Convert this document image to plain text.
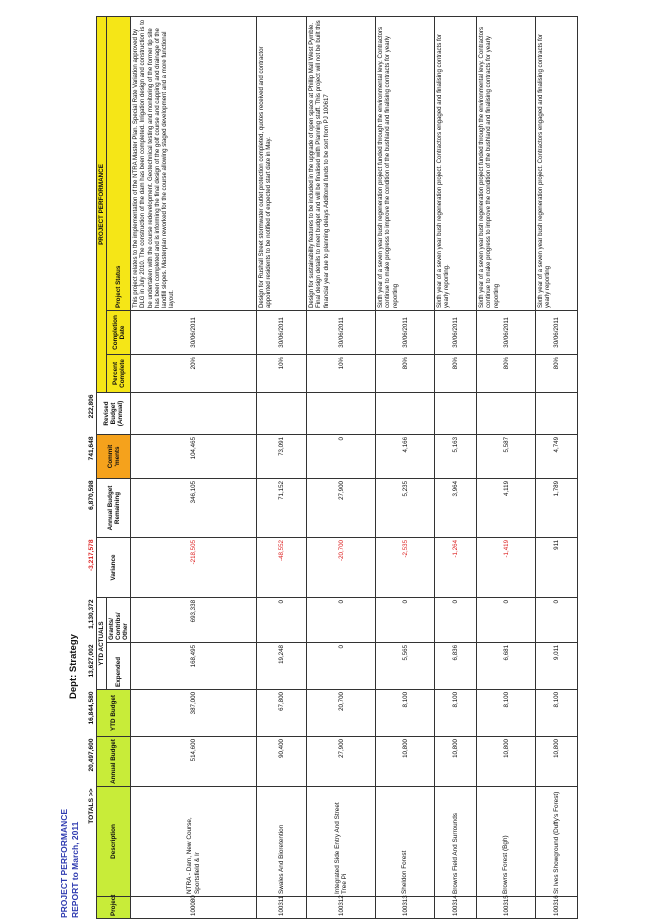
PROJECT PERFORMANCE REPORT to March, 2011
Dept: Strategy
TOTALS >>		20,497,600	16,844,580	13,627,002	1,130,372	-3,217,578	6,870,598	741,648	222,806			
Project	Description	Annual Budget	YTD Budget	YTD ACTUALS		Variance	Annual Budget Remaining	Commit 'ments	Revised Budget (Annual)	PROJECT PERFORMANCE		
				Expended	Grants/ Contribs/ Other					Percent Complete	Completion Date	Project Status
100080	NTRA - Dam, New Course, Sportsfield & Ir	514,600	387,000	168,495	693,338	-218,505	346,105	104,465		20%	30/06/2011	This project relates to the implementation of the NTRA Master Plan. Special Rate Variation approved by DLG in July 2010. The construction of the dam has been completed. Irrigation design and construction is to be undertaken with the course redevelopment. Geotechnical testing and monitoring of the former tip site has been completed and is informing the final design of the golf course and capping and drainage of the landfill slopes. Masterplan reworked for the course allowing staged development and a more functional layout.
100311	Swales And Bioretention	90,400	67,800	19,248	0	-48,552	71,152	73,091		10%	30/06/2011	Design for Rushall Street stormwater outlet protection completed, quotes received and contractor appointed residents to be notified of expected start date in May.
100312	Integrated Side Entry And Street Tree Pi	27,900	20,700	0	0	-20,700	27,900	0		10%	30/06/2011	Design for sustainability features to be included in the upgrade of open space at Phillip Mall West Pymble. Final design details to meet budget and will be finalised with Planning staff. This project will not be built this financial year due to planning delays Additonal funds to be sort from PJ 100617
100313	Sheldon Forest	10,800	8,100	5,565	0	-2,535	5,235	4,166		80%	30/06/2011	Sixth year of a seven year bush regeneration project funded through the environmental levy. Contractors continue to make progress to improve the condition of the bushland and finalising contracts for yearly reporting
100314	Browns Field And Surrounds	10,800	8,100	6,836	0	-1,264	3,964	5,163		80%	30/06/2011	Sixth year of a seven year bush regeneration project. Contractors engaged and finalising contracts for yearly reporting.
100315	Browns Forest (Bgh)	10,800	8,100	6,681	0	-1,419	4,119	5,587		80%	30/06/2011	Sixth year of a seven year bush regeneration project funded through the environmental levy. Contractors continue to make progress to improve the condition of the bushland and finalising contracts for yearly reporting
100316	St Ives Showground (Duffy's Forest)	10,800	8,100	9,011	0	911	1,789	4,749		80%	30/06/2011	Sixth year of a seven year bush regeneration project. Contractors engaged and finalising contracts for yearly reporting
